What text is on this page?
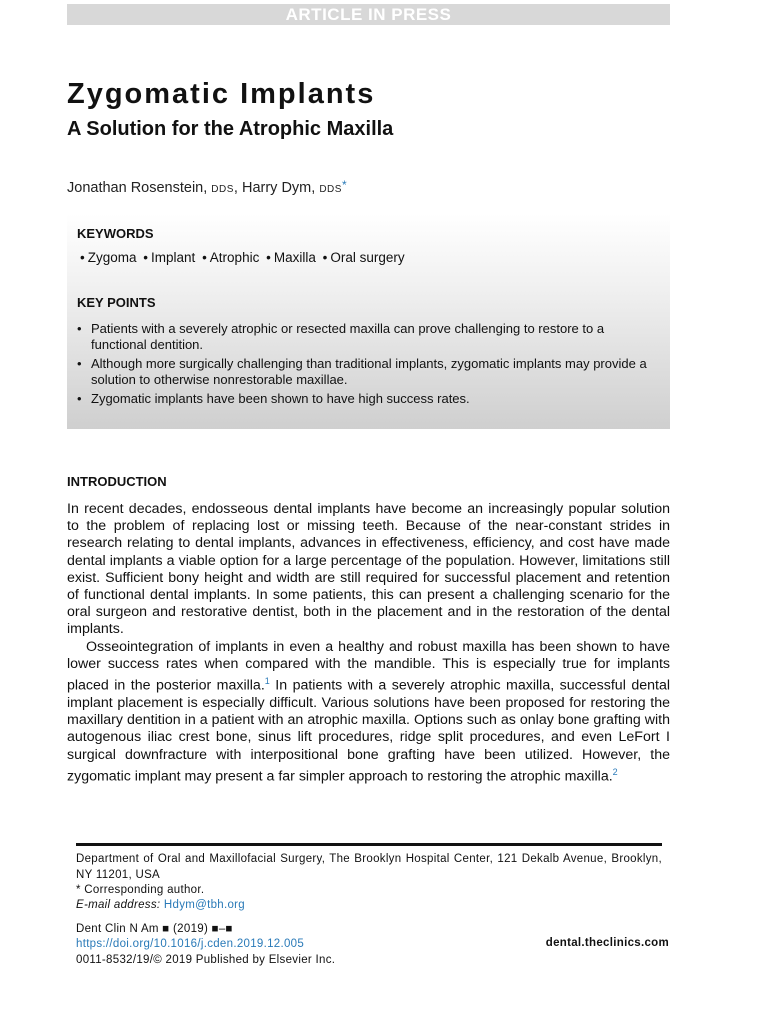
ARTICLE IN PRESS
Zygomatic Implants
A Solution for the Atrophic Maxilla
Jonathan Rosenstein, DDS, Harry Dym, DDS*
KEYWORDS
• Zygoma • Implant • Atrophic • Maxilla • Oral surgery
KEY POINTS
• Patients with a severely atrophic or resected maxilla can prove challenging to restore to a functional dentition.
• Although more surgically challenging than traditional implants, zygomatic implants may provide a solution to otherwise nonrestorable maxillae.
• Zygomatic implants have been shown to have high success rates.
INTRODUCTION

In recent decades, endosseous dental implants have become an increasingly popular solution to the problem of replacing lost or missing teeth. Because of the near-constant strides in research relating to dental implants, advances in effectiveness, efficiency, and cost have made dental implants a viable option for a large percentage of the population. However, limitations still exist. Sufficient bony height and width are still required for successful placement and retention of functional dental implants. In some patients, this can present a challenging scenario for the oral surgeon and restorative dentist, both in the placement and in the restoration of the dental implants.

Osseointegration of implants in even a healthy and robust maxilla has been shown to have lower success rates when compared with the mandible. This is especially true for implants placed in the posterior maxilla.$^1$ In patients with a severely atrophic maxilla, successful dental implant placement is especially difficult. Various solutions have been proposed for restoring the maxillary dentition in a patient with an atrophic maxilla. Options such as onlay bone grafting with autogenous iliac crest bone, sinus lift procedures, ridge split procedures, and even LeFort I surgical downfracture with interpositional bone grafting have been utilized. However, the zygomatic implant may present a far simpler approach to restoring the atrophic maxilla.$^2$

Department of Oral and Maxillofacial Surgery, The Brooklyn Hospital Center, 121 Dekalb Avenue, Brooklyn, NY 11201, USA
* Corresponding author.
E-mail address: Hdym@tbh.org
Dent Clin N Am ■ (2019) ■–■
https://doi.org/10.1016/j.cden.2019.12.005
0011-8532/19/© 2019 Published by Elsevier Inc.
dental.theclinics.com
